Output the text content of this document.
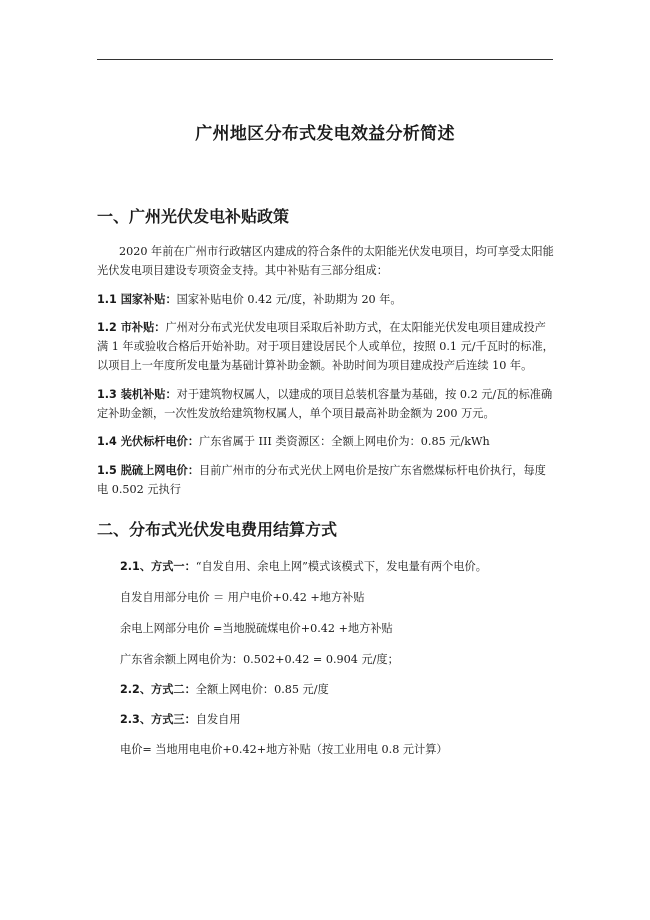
广州地区分布式发电效益分析简述
一、广州光伏发电补贴政策
2020 年前在广州市行政辖区内建成的符合条件的太阳能光伏发电项目，均可享受太阳能光伏发电项目建设专项资金支持。其中补贴有三部分组成：
1.1 国家补贴：国家补贴电价 0.42 元/度，补助期为 20 年。
1.2 市补贴：广州对分布式光伏发电项目采取后补助方式，在太阳能光伏发电项目建成投产满 1 年或验收合格后开始补助。对于项目建设居民个人或单位，按照 0.1 元/千瓦时的标准，以项目上一年度所发电量为基础计算补助金额。补助时间为项目建成投产后连续 10 年。
1.3 装机补贴：对于建筑物权属人，以建成的项目总装机容量为基础，按 0.2 元/瓦的标准确定补助金额，一次性发放给建筑物权属人，单个项目最高补助金额为 200 万元。
1.4 光伏标杆电价：广东省属于 III 类资源区：全额上网电价为：0.85 元/kWh
1.5 脱硫上网电价：目前广州市的分布式光伏上网电价是按广东省燃煤标杆电价执行，每度电 0.502 元执行
二、分布式光伏发电费用结算方式
2.1、方式一：“自发自用、余电上网”模式该模式下，发电量有两个电价。
自发自用部分电价 ＝ 用户电价+0.42 +地方补贴
余电上网部分电价 =当地脱硫煤电价+0.42 +地方补贴
广东省余额上网电价为：0.502+0.42 = 0.904 元/度；
2.2、方式二：全额上网电价：0.85 元/度
2.3、方式三：自发自用
电价= 当地用电电价+0.42+地方补贴（按工业用电 0.8 元计算）
